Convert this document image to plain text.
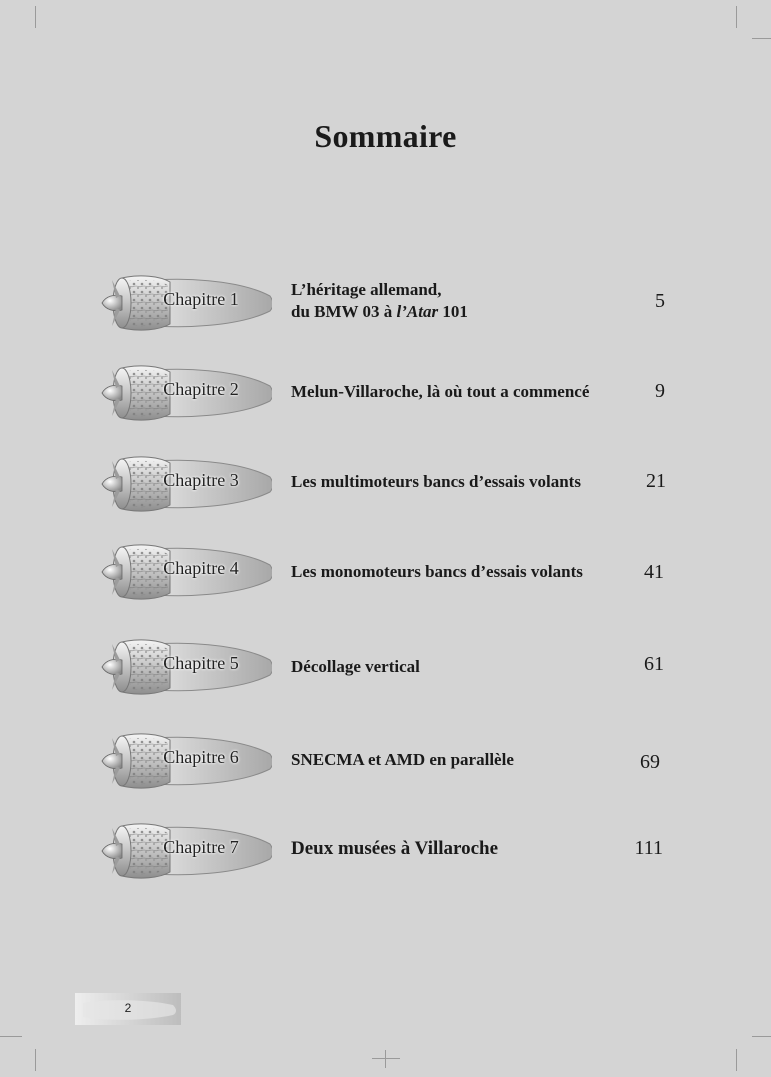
Sommaire
Chapitre 1	L’héritage allemand,
du BMW 03 à l’Atar 101	5
Chapitre 2	Melun-Villaroche, là où tout a commencé	9
Chapitre 3	Les multimoteurs bancs d’essais volants	21
Chapitre 4	Les monomoteurs bancs d’essais volants	41
Chapitre 5	Décollage vertical	61
Chapitre 6	SNECMA et AMD en parallèle	69
Chapitre 7	Deux musées à Villaroche	111
2
